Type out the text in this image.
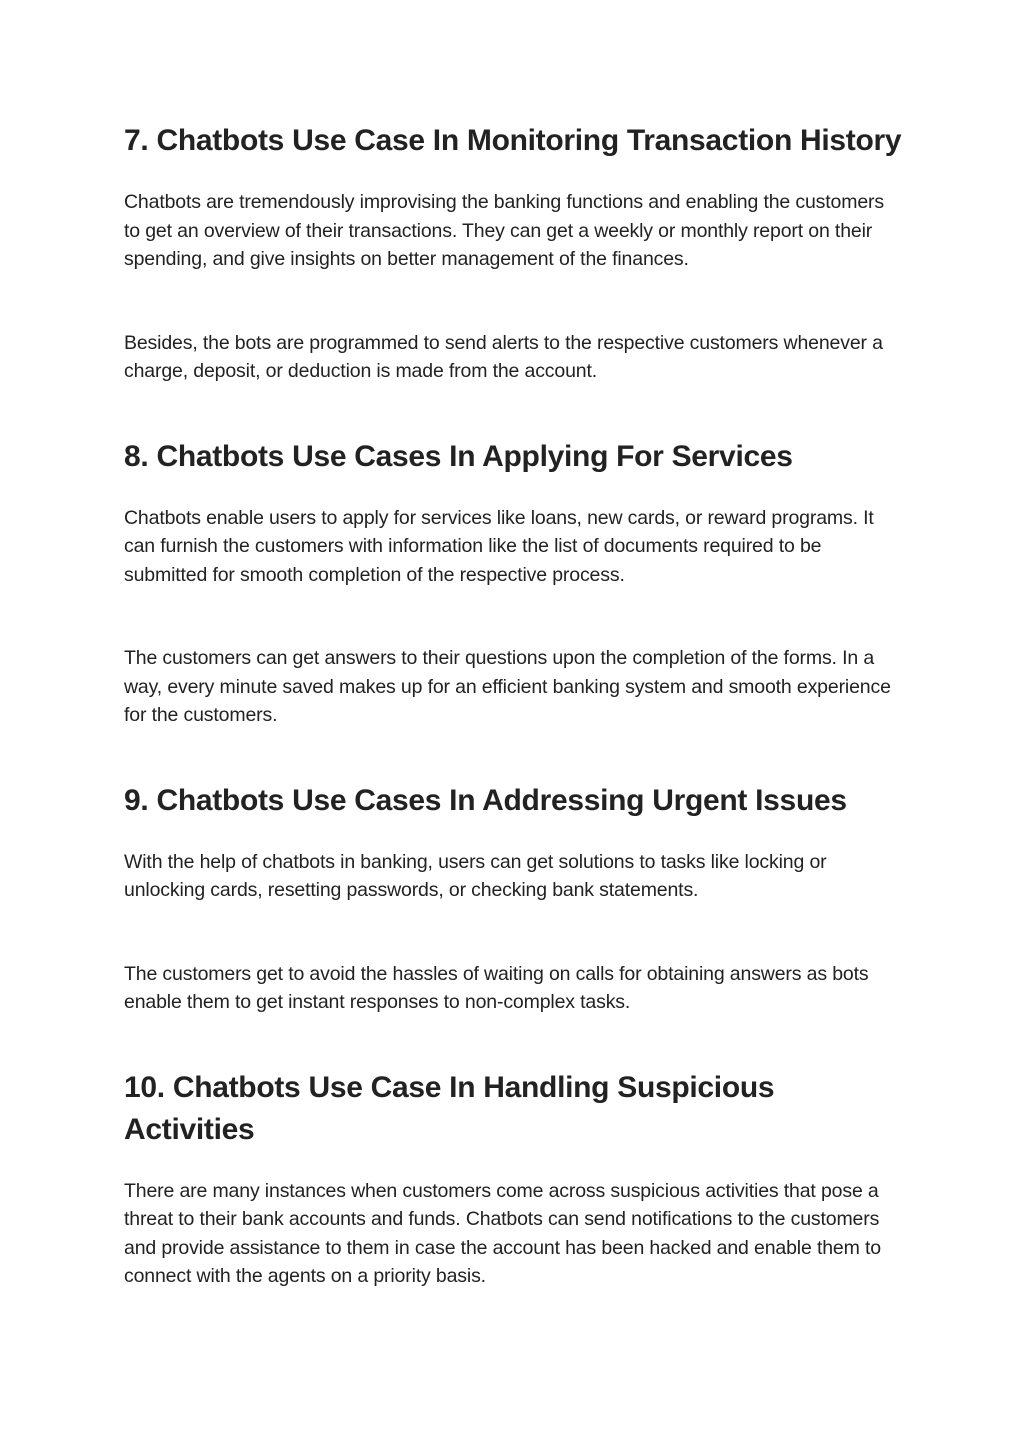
7. Chatbots Use Case In Monitoring Transaction History

Chatbots are tremendously improvising the banking functions and enabling the customers to get an overview of their transactions. They can get a weekly or monthly report on their spending, and give insights on better management of the finances.

Besides, the bots are programmed to send alerts to the respective customers whenever a charge, deposit, or deduction is made from the account.

8. Chatbots Use Cases In Applying For Services

Chatbots enable users to apply for services like loans, new cards, or reward programs. It can furnish the customers with information like the list of documents required to be submitted for smooth completion of the respective process.

The customers can get answers to their questions upon the completion of the forms. In a way, every minute saved makes up for an efficient banking system and smooth experience for the customers.

9. Chatbots Use Cases In Addressing Urgent Issues

With the help of chatbots in banking, users can get solutions to tasks like locking or unlocking cards, resetting passwords, or checking bank statements.

The customers get to avoid the hassles of waiting on calls for obtaining answers as bots enable them to get instant responses to non-complex tasks.

10. Chatbots Use Case In Handling Suspicious Activities

There are many instances when customers come across suspicious activities that pose a threat to their bank accounts and funds. Chatbots can send notifications to the customers and provide assistance to them in case the account has been hacked and enable them to connect with the agents on a priority basis.
